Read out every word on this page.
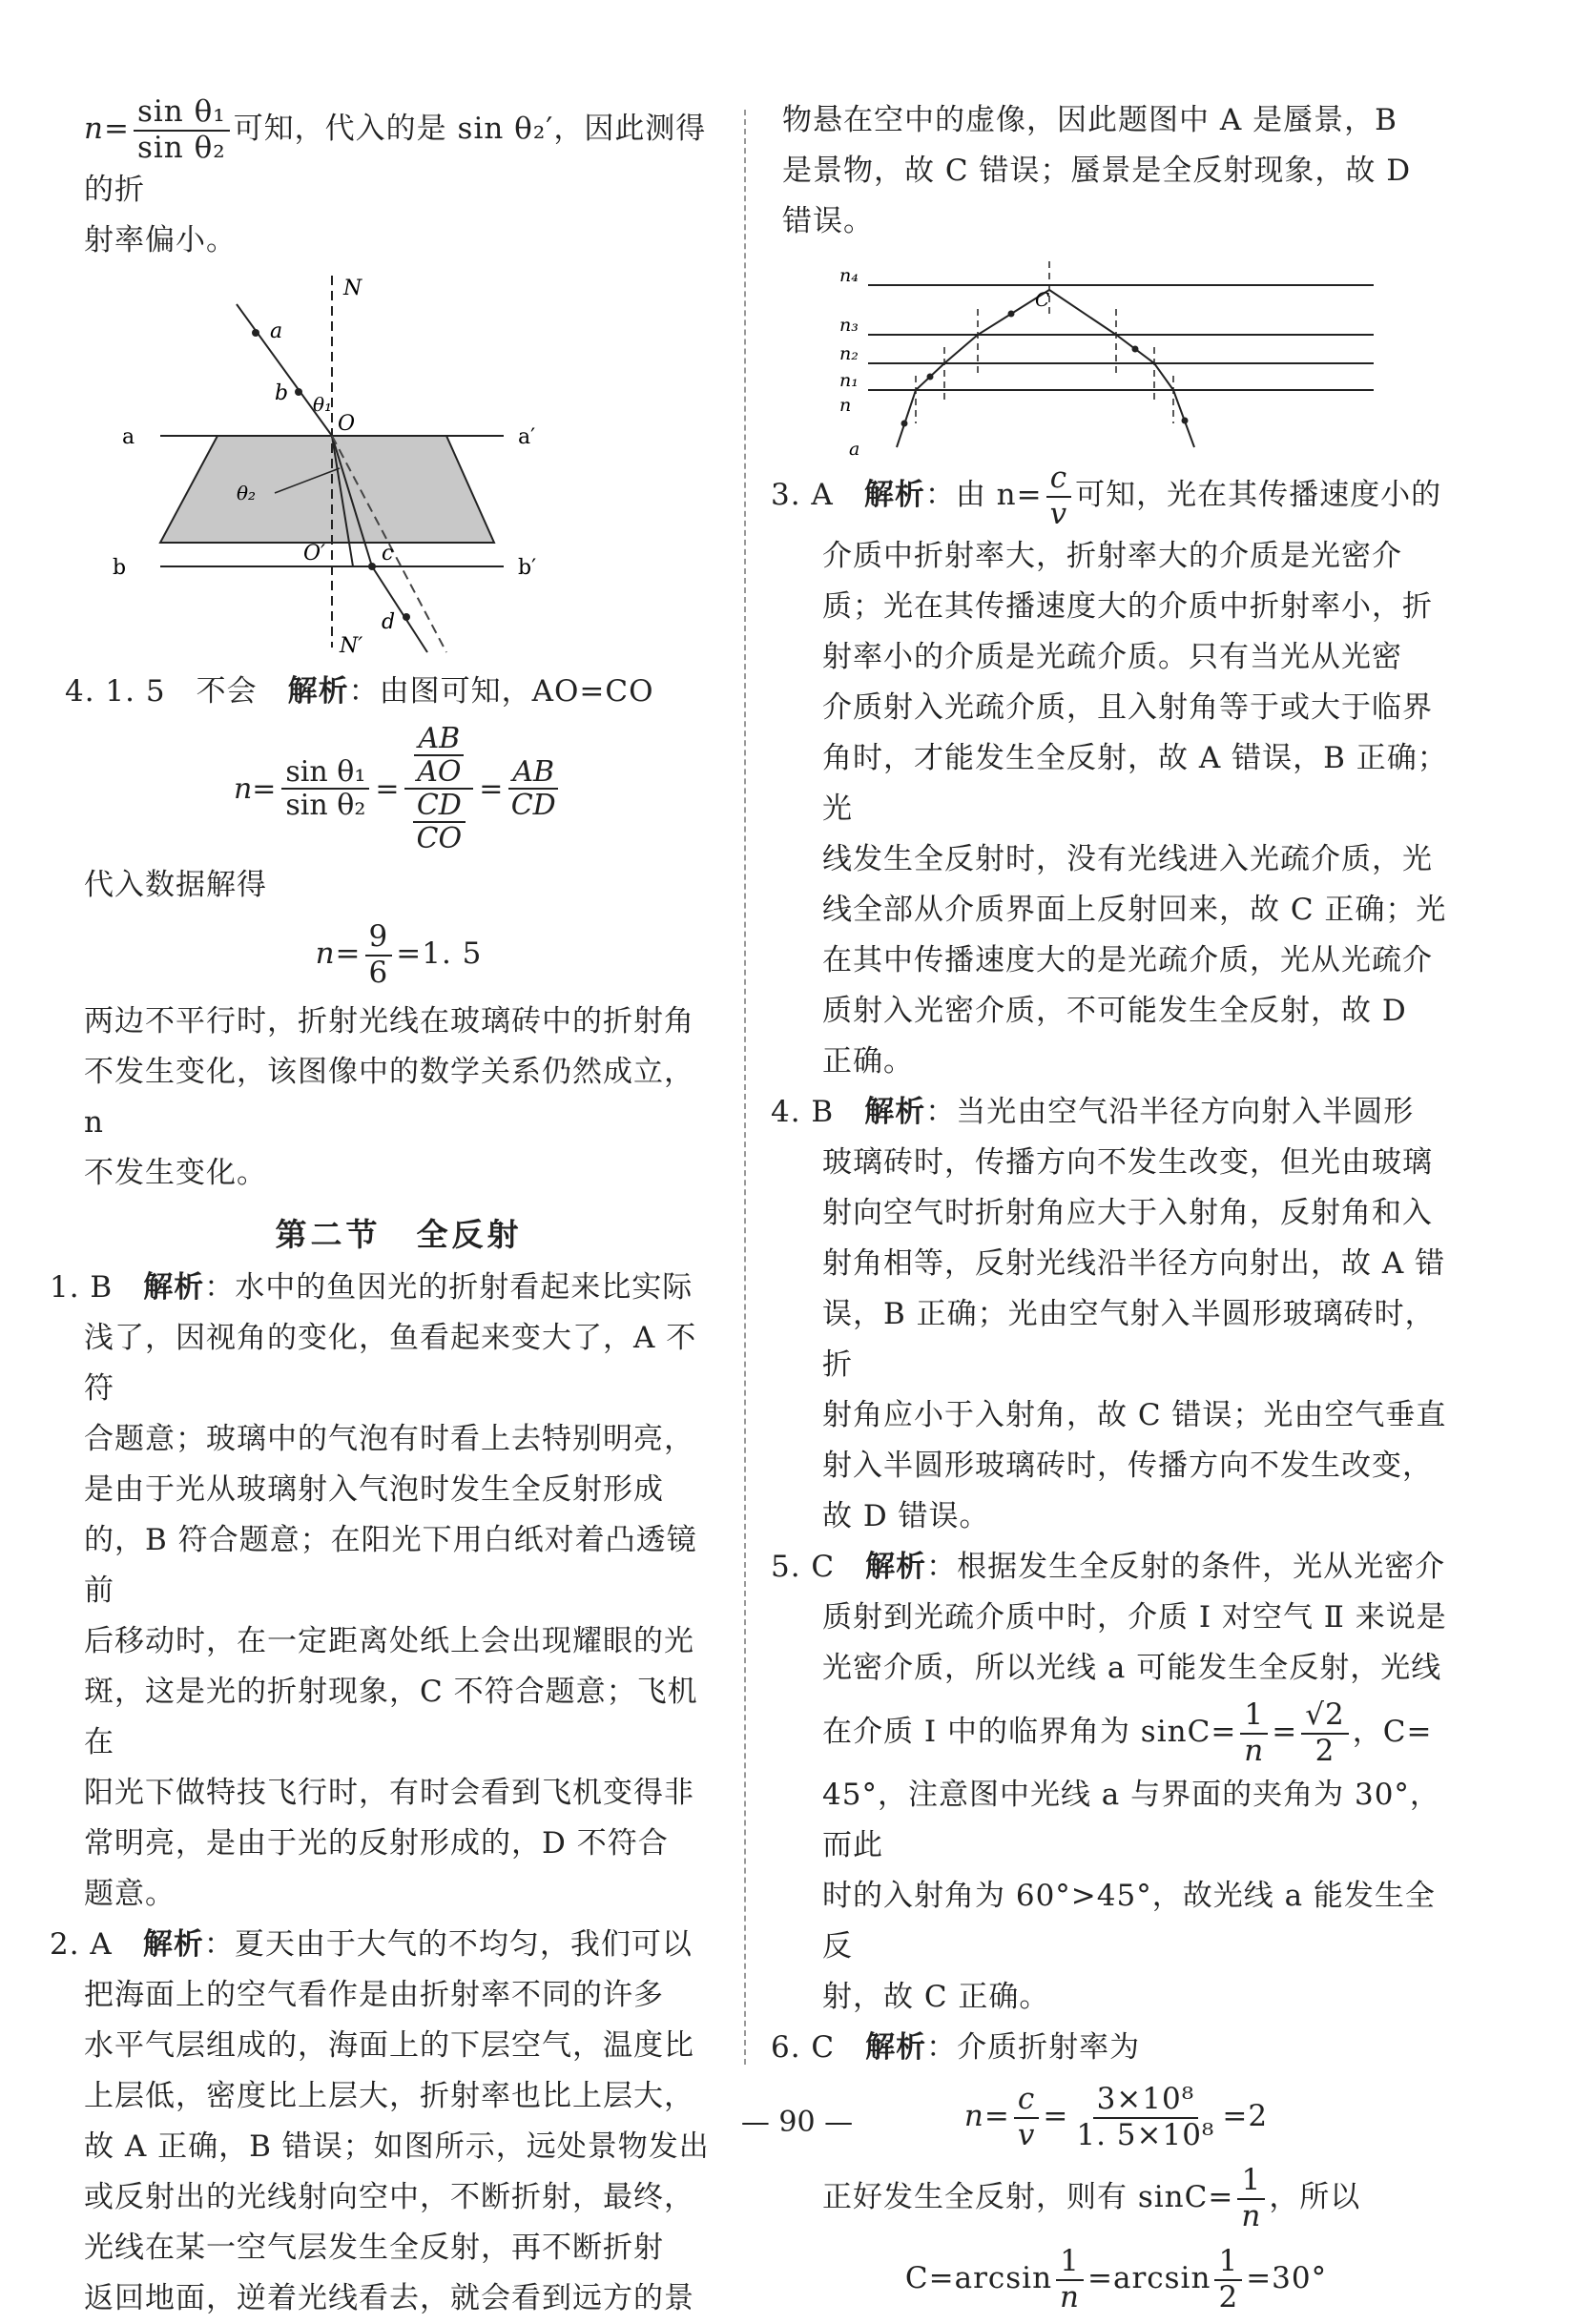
$n= \frac{\text{sin θ₁}}{\text{sin θ₂}}$ 可知，代入的是 sin θ₂′，因此测得的折

射率偏小。

N
a
b θ₁
O
a	a′
θ₂
b
O′	c
b′
d
N′

4. 1. 5　不会　 解析：由图可知，AO=CO

$n= \frac{\text{sin θ₁}}{\text{sin θ₂}}$ =
$\frac{AB}{AO}$
$\frac{CD}{CO}$
= $\frac{AB}{CD}$

代入数据解得

$n= \frac{9}{6} =1$. 5

两边不平行时，折射光线在玻璃砖中的折射角

不发生变化，该图像中的数学关系仍然成立，n

不发生变化。

第二节　全反射

1. B　解析：水中的鱼因光的折射看起来比实际

浅了，因视角的变化，鱼看起来变大了，A 不符

合题意；玻璃中的气泡有时看上去特别明亮，

是由于光从玻璃射入气泡时发生全反射形成

的，B 符合题意；在阳光下用白纸对着凸透镜前

后移动时，在一定距离处纸上会出现耀眼的光

斑，这是光的折射现象，C 不符合题意；飞机在

阳光下做特技飞行时，有时会看到飞机变得非

常明亮，是由于光的反射形成的，D 不符合

题意。

2. A　解析：夏天由于大气的不均匀，我们可以

把海面上的空气看作是由折射率不同的许多

水平气层组成的，海面上的下层空气，温度比

上层低，密度比上层大，折射率也比上层大，

故 A 正确，B 错误；如图所示，远处景物发出

或反射出的光线射向空中，不断折射，最终，

光线在某一空气层发生全反射，再不断折射

返回地面，逆着光线看去，就会看到远方的景

物悬在空中的虚像，因此题图中 A 是蜃景，B

是景物，故 C 错误；蜃景是全反射现象，故 D

错误。

n₄
C
n₃
n₂
n₁
n
a

3. A　解析：由 $n= \frac{c}{v}$ 可知，光在其传播速度小的

介质中折射率大，折射率大的介质是光密介

质；光在其传播速度大的介质中折射率小，折

射率小的介质是光疏介质。只有当光从光密

介质射入光疏介质，且入射角等于或大于临界

角时，才能发生全反射，故 A 错误，B 正确；光

线发生全反射时，没有光线进入光疏介质，光

线全部从介质界面上反射回来，故 C 正确；光

在其中传播速度大的是光疏介质，光从光疏介

质射入光密介质，不可能发生全反射，故 D

正确。

4. B　解析：当光由空气沿半径方向射入半圆形

玻璃砖时，传播方向不发生改变，但光由玻璃

射向空气时折射角应大于入射角，反射角和入

射角相等，反射光线沿半径方向射出，故 A 错

误，B 正确；光由空气射入半圆形玻璃砖时，折

射角应小于入射角，故 C 错误；光由空气垂直

射入半圆形玻璃砖时，传播方向不发生改变，

故 D 错误。

5. C　解析：根据发生全反射的条件，光从光密介

质射到光疏介质中时，介质 Ⅰ 对空气 Ⅱ 来说是

光密介质，所以光线 a 可能发生全反射，光线

在介质 Ⅰ 中的临界角为 $\sin C= \frac{1}{n} = \frac{√2}{2}$ ，C=

45°，注意图中光线 a 与界面的夹角为 30°，而此

时的入射角为 60°>45°，故光线 a 能发生全反

射，故 C 正确。

6. C　解析：介质折射率为

$n= \frac{c}{v} = \frac{\text{3×10⁸}}{\text{1. 5×10⁸}} =2$

正好发生全反射，则有 $\sin C= \frac{1}{n}$ ，所以

$C=\arcsin \frac{1}{n} =\arcsin \frac{1}{2} =30^\circ$

— 90 —
